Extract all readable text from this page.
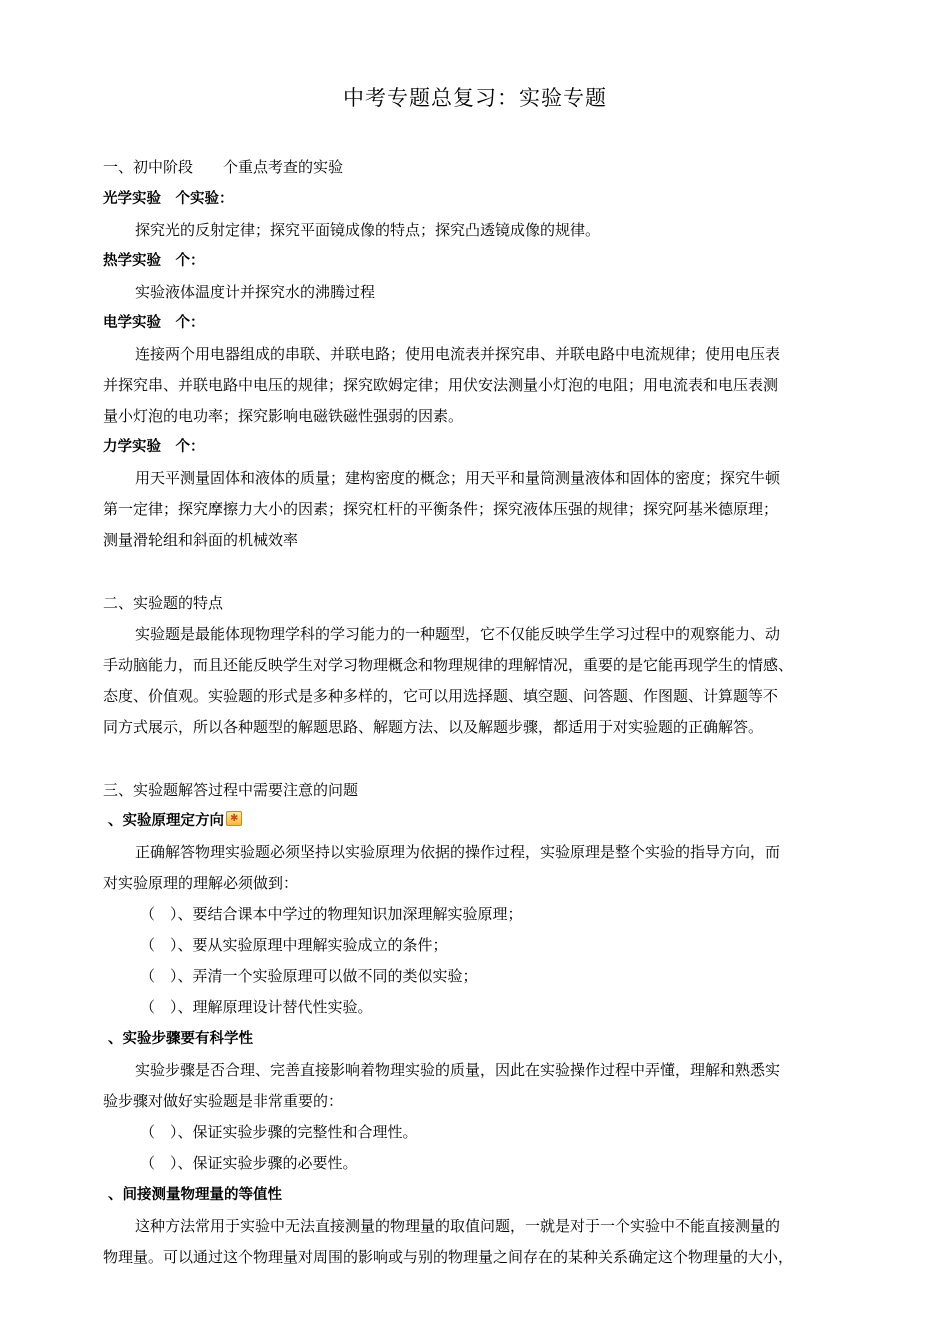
中考专题总复习：实验专题
一、初中阶段　　个重点考查的实验
光学实验　个实验：
探究光的反射定律；探究平面镜成像的特点；探究凸透镜成像的规律。
热学实验　个：
实验液体温度计并探究水的沸腾过程
电学实验　个：
连接两个用电器组成的串联、并联电路；使用电流表并探究串、并联电路中电流规律；使用电压表
并探究串、并联电路中电压的规律；探究欧姆定律；用伏安法测量小灯泡的电阻；用电流表和电压表测
量小灯泡的电功率；探究影响电磁铁磁性强弱的因素。
力学实验　个：
用天平测量固体和液体的质量；建构密度的概念；用天平和量筒测量液体和固体的密度；探究牛顿
第一定律；探究摩擦力大小的因素；探究杠杆的平衡条件；探究液体压强的规律；探究阿基米德原理；
测量滑轮组和斜面的机械效率
二、实验题的特点
实验题是最能体现物理学科的学习能力的一种题型，它不仅能反映学生学习过程中的观察能力、动
手动脑能力，而且还能反映学生对学习物理概念和物理规律的理解情况，重要的是它能再现学生的情感、
态度、价值观。实验题的形式是多种多样的，它可以用选择题、填空题、问答题、作图题、计算题等不
同方式展示，所以各种题型的解题思路、解题方法、以及解题步骤，都适用于对实验题的正确解答。
三、实验题解答过程中需要注意的问题
、实验原理定方向✱
正确解答物理实验题必须坚持以实验原理为依据的操作过程，实验原理是整个实验的指导方向，而
对实验原理的理解必须做到：
（　）、要结合课本中学过的物理知识加深理解实验原理；
（　）、要从实验原理中理解实验成立的条件；
（　）、弄清一个实验原理可以做不同的类似实验；
（　）、理解原理设计替代性实验。
、实验步骤要有科学性
实验步骤是否合理、完善直接影响着物理实验的质量，因此在实验操作过程中弄懂，理解和熟悉实
验步骤对做好实验题是非常重要的：
（　）、保证实验步骤的完整性和合理性。
（　）、保证实验步骤的必要性。
、间接测量物理量的等值性
这种方法常用于实验中无法直接测量的物理量的取值问题，一就是对于一个实验中不能直接测量的
物理量。可以通过这个物理量对周围的影响或与别的物理量之间存在的某种关系确定这个物理量的大小，
